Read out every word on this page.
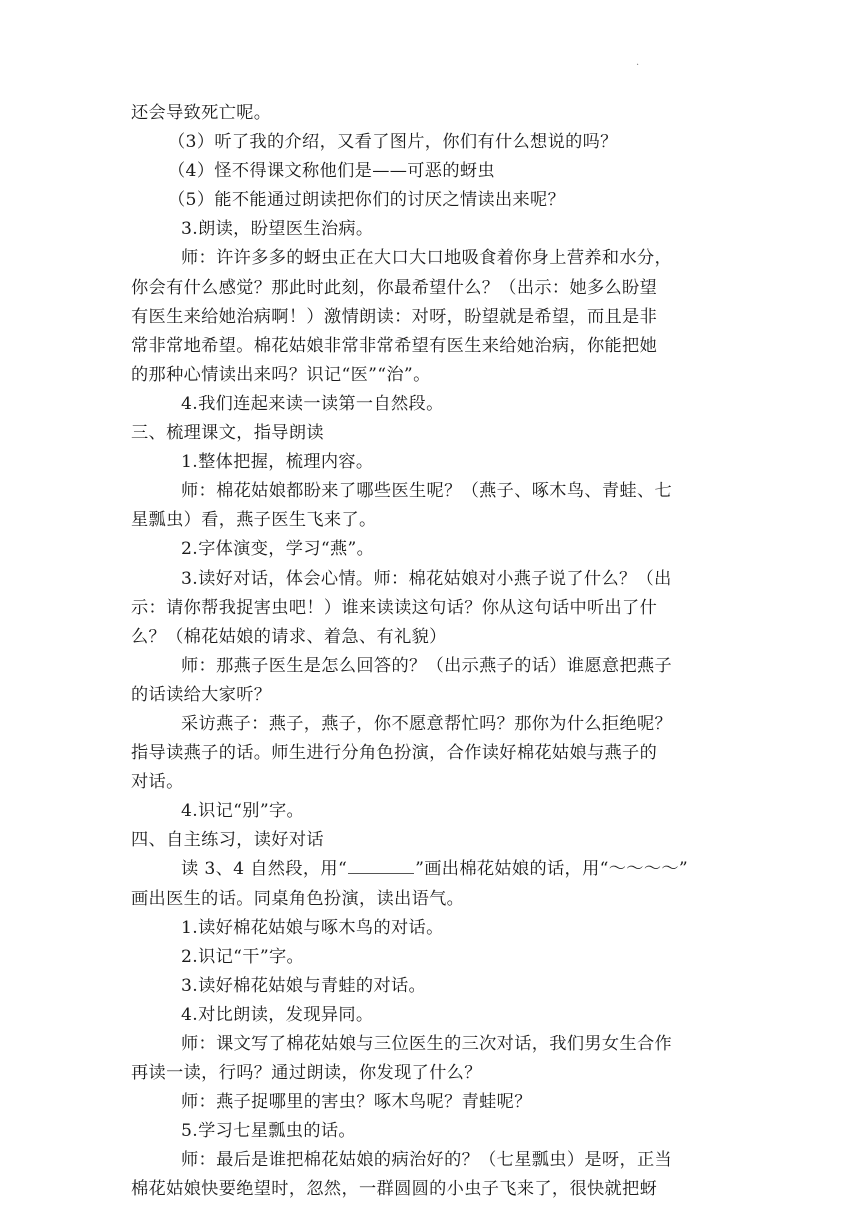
·
还会导致死亡呢。
（3）听了我的介绍，又看了图片，你们有什么想说的吗？
（4）怪不得课文称他们是——可恶的蚜虫
（5）能不能通过朗读把你们的讨厌之情读出来呢？
3.朗读，盼望医生治病。
师：许许多多的蚜虫正在大口大口地吸食着你身上营养和水分，
你会有什么感觉？那此时此刻，你最希望什么？（出示：她多么盼望
有医生来给她治病啊！）激情朗读：对呀，盼望就是希望，而且是非
常非常地希望。棉花姑娘非常非常希望有医生来给她治病，你能把她
的那种心情读出来吗？识记“医”“治”。
4.我们连起来读一读第一自然段。
三、梳理课文，指导朗读
1.整体把握，梳理内容。
师：棉花姑娘都盼来了哪些医生呢？（燕子、啄木鸟、青蛙、七
星瓢虫）看，燕子医生飞来了。
2.字体演变，学习“燕”。
3.读好对话，体会心情。师：棉花姑娘对小燕子说了什么？（出
示：请你帮我捉害虫吧！）谁来读读这句话？你从这句话中听出了什
么？（棉花姑娘的请求、着急、有礼貌）
师：那燕子医生是怎么回答的？（出示燕子的话）谁愿意把燕子
的话读给大家听？
采访燕子：燕子，燕子，你不愿意帮忙吗？那你为什么拒绝呢？
指导读燕子的话。师生进行分角色扮演，合作读好棉花姑娘与燕子的
对话。
4.识记“别”字。
四、自主练习，读好对话
读 3、4 自然段，用“	”画出棉花姑娘的话，用“～～～～”
画出医生的话。同桌角色扮演，读出语气。
1.读好棉花姑娘与啄木鸟的对话。
2.识记“干”字。
3.读好棉花姑娘与青蛙的对话。
4.对比朗读，发现异同。
师：课文写了棉花姑娘与三位医生的三次对话，我们男女生合作
再读一读，行吗？通过朗读，你发现了什么？
师：燕子捉哪里的害虫？啄木鸟呢？青蛙呢？
5.学习七星瓢虫的话。
师：最后是谁把棉花姑娘的病治好的？（七星瓢虫）是呀，正当
棉花姑娘快要绝望时，忽然，一群圆圆的小虫子飞来了，很快就把蚜
